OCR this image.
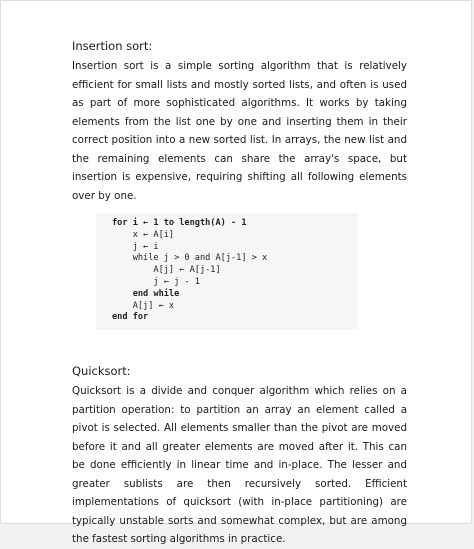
Insertion sort:

Insertion sort is a simple sorting algorithm that is relatively efficient for small lists and mostly sorted lists, and often is used as part of more sophisticated algorithms. It works by taking elements from the list one by one and inserting them in their correct position into a new sorted list. In arrays, the new list and the remaining elements can share the array's space, but insertion is expensive, requiring shifting all following elements over by one.

for i ← 1 to length(A) - 1
x ← A[i]
j ← i
while j > 0 and A[j-1] > x
A[j] ← A[j-1]
j ← j - 1
end while
A[j] ← x
end for
Quicksort:

Quicksort is a divide and conquer algorithm which relies on a partition operation: to partition an array an element called a pivot is selected. All elements smaller than the pivot are moved before it and all greater elements are moved after it. This can be done efficiently in linear time and in-place. The lesser and greater sublists are then recursively sorted. Efficient implementations of quicksort (with in-place partitioning) are typically unstable sorts and somewhat complex, but are among the fastest sorting algorithms in practice.
